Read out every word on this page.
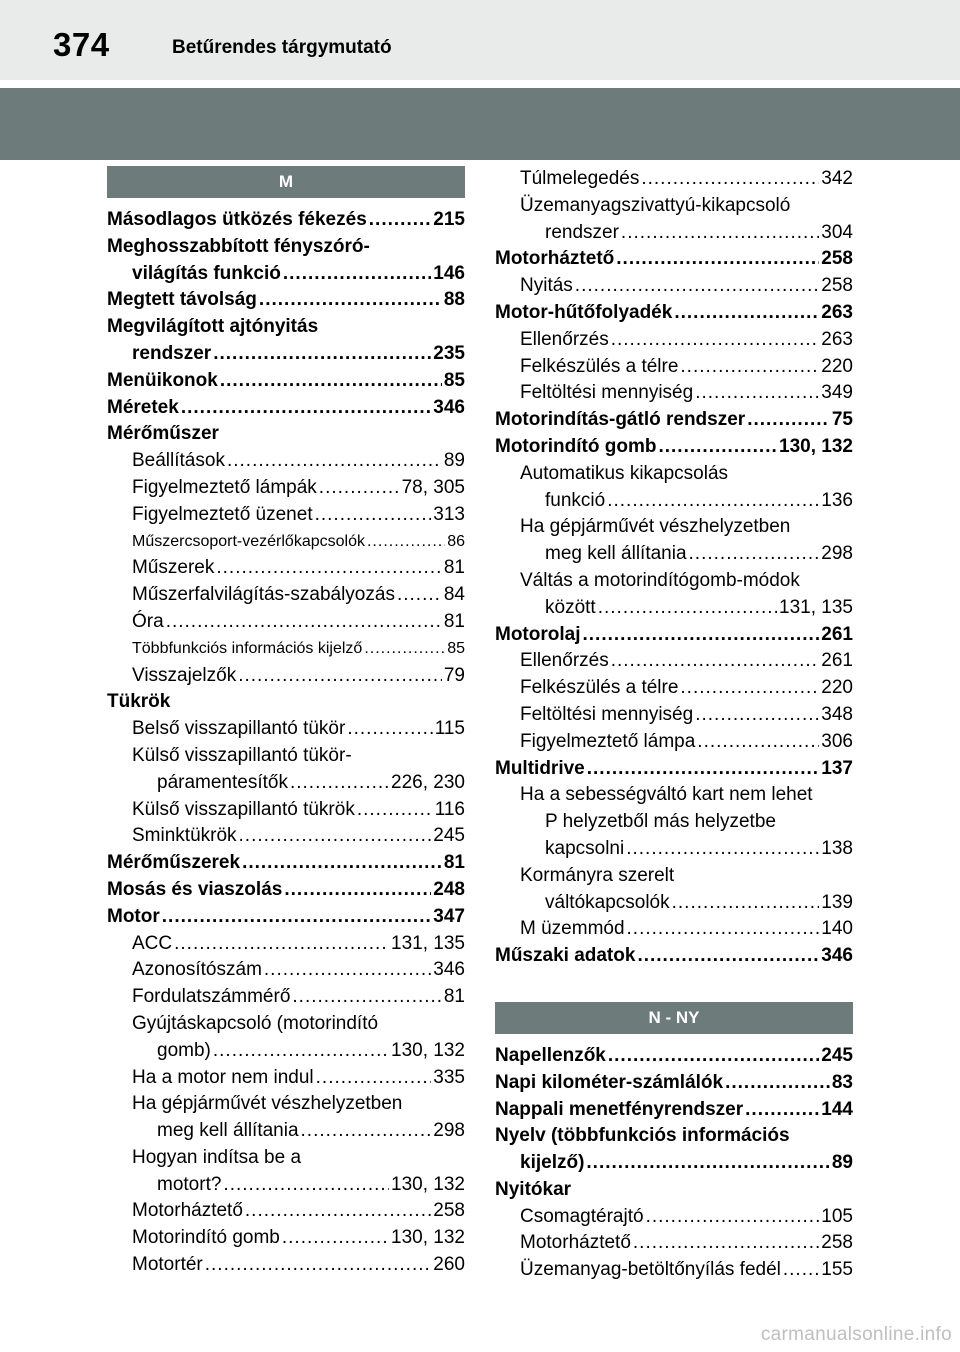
374	Betűrendes tárgymutató
M
Másodlagos ütközés fékezés .....	215
Meghosszabbított fényszóró-
világítás funkció .....	146
Megtett távolság .....	88
Megvilágított ajtónyitás
rendszer .....	235
Menüikonok .....	85
Méretek .....	346
Mérőműszer
Beállítások .....	89
Figyelmeztető lámpák .....	78, 305
Figyelmeztető üzenet .....	313
Műszercsoport-vezérlőkapcsolók .....	86
Műszerek .....	81
Műszerfalvilágítás-szabályozás .....	84
Óra .....	81
Többfunkciós információs kijelző .....	85
Visszajelzők .....	79
Tükrök
Belső visszapillantó tükör .....	115
Külső visszapillantó tükör-
páramentesítők .....	226, 230
Külső visszapillantó tükrök .....	116
Sminktükrök .....	245
Mérőműszerek .....	81
Mosás és viaszolás .....	248
Motor .....	347
ACC .....	131, 135
Azonosítószám .....	346
Fordulatszámmérő .....	81
Gyújtáskapcsoló (motorindító
gomb) .....	130, 132
Ha a motor nem indul .....	335
Ha gépjárművét vészhelyzetben
meg kell állítania .....	298
Hogyan indítsa be a
motort? .....	130, 132
Motorháztető .....	258
Motorindító gomb .....	130, 132
Motortér .....	260
Túlmelegedés .....	342
Üzemanyagszivattyú-kikapcsoló
rendszer .....	304
Motorháztető .....	258
Nyitás .....	258
Motor-hűtőfolyadék .....	263
Ellenőrzés .....	263
Felkészülés a télre .....	220
Feltöltési mennyiség .....	349
Motorindítás-gátló rendszer .....	75
Motorindító gomb .....	130, 132
Automatikus kikapcsolás
funkció .....	136
Ha gépjárművét vészhelyzetben
meg kell állítania .....	298
Váltás a motorindítógomb-módok
között .....	131, 135
Motorolaj .....	261
Ellenőrzés .....	261
Felkészülés a télre .....	220
Feltöltési mennyiség .....	348
Figyelmeztető lámpa .....	306
Multidrive .....	137
Ha a sebességváltó kart nem lehet
P helyzetből más helyzetbe
kapcsolni .....	138
Kormányra szerelt
váltókapcsolók .....	139
M üzemmód .....	140
Műszaki adatok .....	346
N - NY
Napellenzők .....	245
Napi kilométer-számlálók .....	83
Nappali menetfényrendszer .....	144
Nyelv (többfunkciós információs
kijelző) .....	89
Nyitókar
Csomagtérajtó .....	105
Motorháztető .....	258
Üzemanyag-betöltőnyílás fedél ..... 155
carmanualsonline.info
